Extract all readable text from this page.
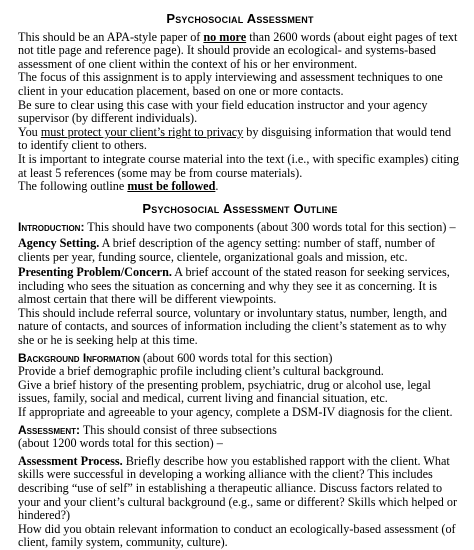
Psychosocial Assessment

This should be an APA-style paper of no more than 2600 words (about eight pages of text not title page and reference page). It should provide an ecological- and systems-based assessment of one client within the context of his or her environment.

The focus of this assignment is to apply interviewing and assessment techniques to one client in your education placement, based on one or more contacts.

Be sure to clear using this case with your field education instructor and your agency supervisor (by different individuals).

You must protect your client’s right to privacy by disguising information that would tend to identify client to others.

It is important to integrate course material into the text (i.e., with specific examples) citing at least 5 references (some may be from course materials).

The following outline must be followed.

Psychosocial Assessment Outline

Introduction: This should have two components (about 300 words total for this section) –

Agency Setting. A brief description of the agency setting: number of staff, number of clients per year, funding source, clientele, organizational goals and mission, etc.

Presenting Problem/Concern. A brief account of the stated reason for seeking services, including who sees the situation as concerning and why they see it as concerning. It is almost certain that there will be different viewpoints.

This should include referral source, voluntary or involuntary status, number, length, and nature of contacts, and sources of information including the client’s statement as to why she or he is seeking help at this time.

Background Information (about 600 words total for this section)

Provide a brief demographic profile including client’s cultural background.

Give a brief history of the presenting problem, psychiatric, drug or alcohol use, legal issues, family, social and medical, current living and financial situation, etc.

If appropriate and agreeable to your agency, complete a DSM-IV diagnosis for the client.

Assessment: This should consist of three subsections

(about 1200 words total for this section) –

Assessment Process. Briefly describe how you established rapport with the client. What skills were successful in developing a working alliance with the client? This includes describing “use of self” in establishing a therapeutic alliance. Discuss factors related to your and your client’s cultural background (e.g., same or different? Skills which helped or hindered?)

How did you obtain relevant information to conduct an ecologically-based assessment (of client, family system, community, culture).
